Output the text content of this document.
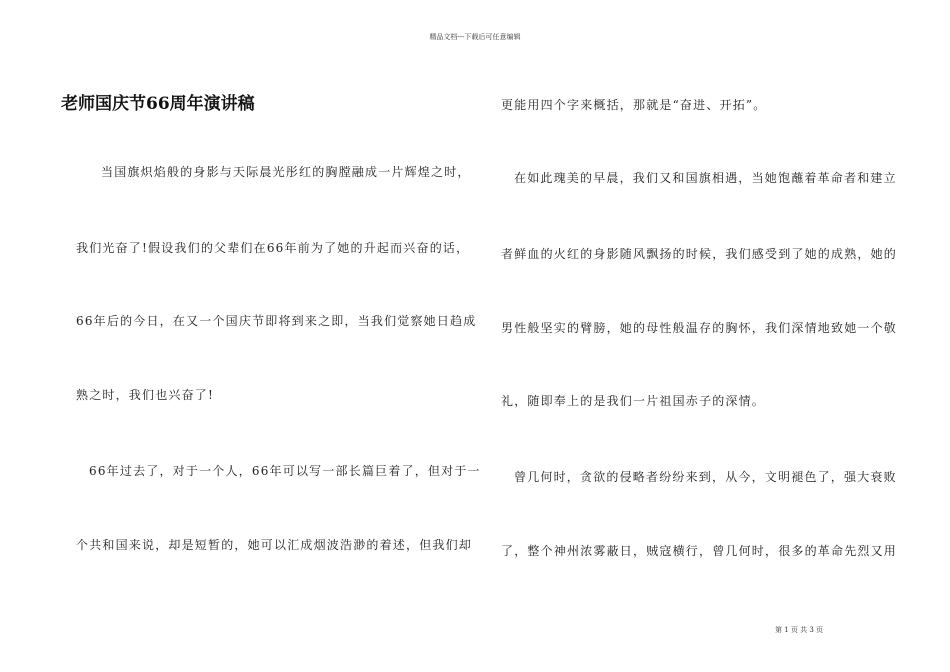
精品文档---下载后可任意编辑
老师国庆节66周年演讲稿
当国旗炽焰般的身影与天际晨光彤红的胸膛融成一片辉煌之时，
我们光奋了!假设我们的父辈们在66年前为了她的升起而兴奋的话，
66年后的今日，在又一个国庆节即将到来之即，当我们觉察她日趋成
熟之时，我们也兴奋了!
66年过去了，对于一个人，66年可以写一部长篇巨着了，但对于一
个共和国来说，却是短暂的，她可以汇成烟波浩渺的着述，但我们却
更能用四个字来概括，那就是“奋进、开拓”。
在如此瑰美的早晨，我们又和国旗相遇，当她饱蘸着革命者和建立
者鲜血的火红的身影随风飘扬的时候，我们感受到了她的成熟，她的
男性般坚实的臂膀，她的母性般温存的胸怀，我们深情地致她一个敬
礼，随即奉上的是我们一片祖国赤子的深情。
曾几何时，贪欲的侵略者纷纷来到，从今，文明褪色了，强大衰败
了，整个神州浓雾蔽日，贼寇横行，曾几何时，很多的革命先烈又用
第 1 页 共 3 页
